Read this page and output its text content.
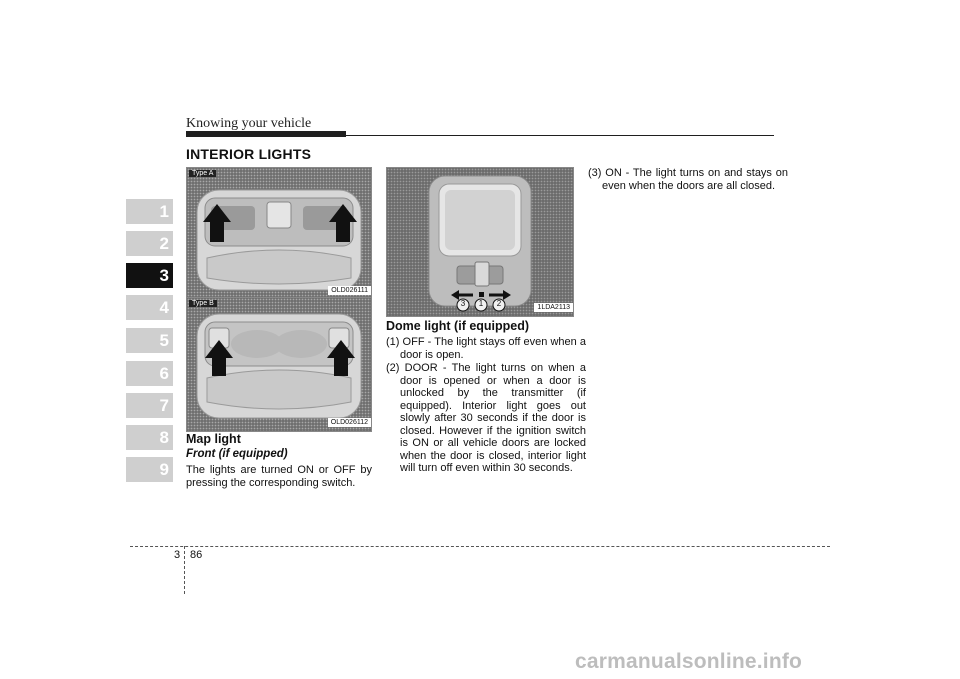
Knowing your vehicle
INTERIOR LIGHTS
1
2
3
4
5
6
7
8
9
Type A
OLD026111
Type B
OLD026112
3	1	2	1LDA2113
Map light
Front (if equipped)
The lights are turned ON or OFF by pressing the corresponding switch.
Dome light (if equipped)
(1) OFF - The light stays off even when a door is open.
(2) DOOR - The light turns on when a door is opened or when a door is unlocked by the transmitter (if equipped). Interior light goes out slowly after 30 seconds if the door is closed. However if the ignition switch is ON or all vehicle doors are locked when the door is closed, interior light will turn off even within 30 seconds.
(3) ON - The light turns on and stays on even when the doors are all closed.
3 86
carmanualsonline.info
